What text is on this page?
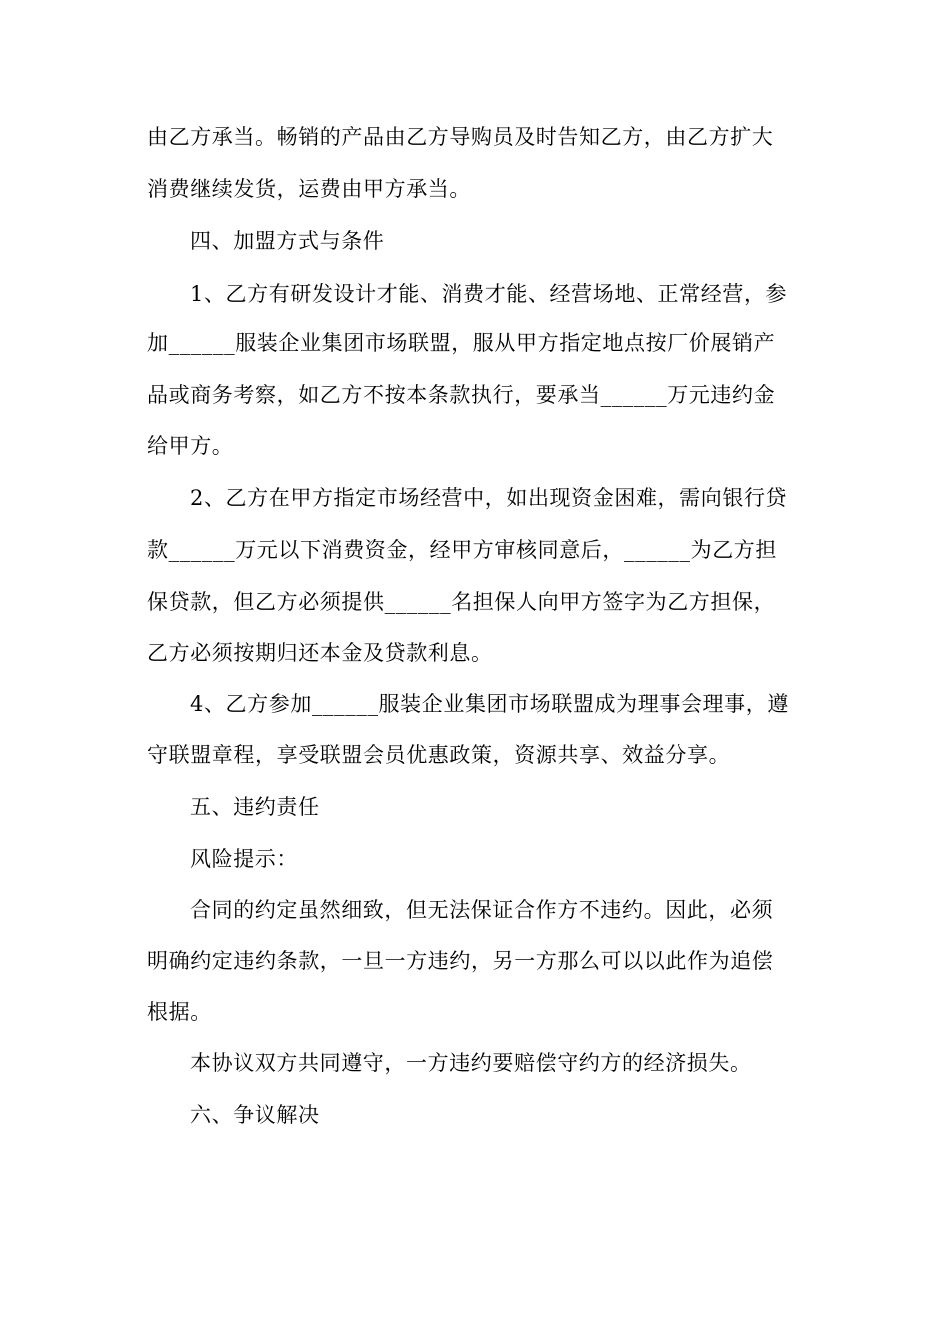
由乙方承当。畅销的产品由乙方导购员及时告知乙方，由乙方扩大
消费继续发货，运费由甲方承当。
四、加盟方式与条件
1、乙方有研发设计才能、消费才能、经营场地、正常经营，参
加______服装企业集团市场联盟，服从甲方指定地点按厂价展销产
品或商务考察，如乙方不按本条款执行，要承当______万元违约金
给甲方。
2、乙方在甲方指定市场经营中，如出现资金困难，需向银行贷
款______万元以下消费资金，经甲方审核同意后，______为乙方担
保贷款，但乙方必须提供______名担保人向甲方签字为乙方担保，
乙方必须按期归还本金及贷款利息。
4、乙方参加______服装企业集团市场联盟成为理事会理事，遵
守联盟章程，享受联盟会员优惠政策，资源共享、效益分享。
五、违约责任
风险提示：
合同的约定虽然细致，但无法保证合作方不违约。因此，必须
明确约定违约条款，一旦一方违约，另一方那么可以以此作为追偿
根据。
本协议双方共同遵守，一方违约要赔偿守约方的经济损失。
六、争议解决
